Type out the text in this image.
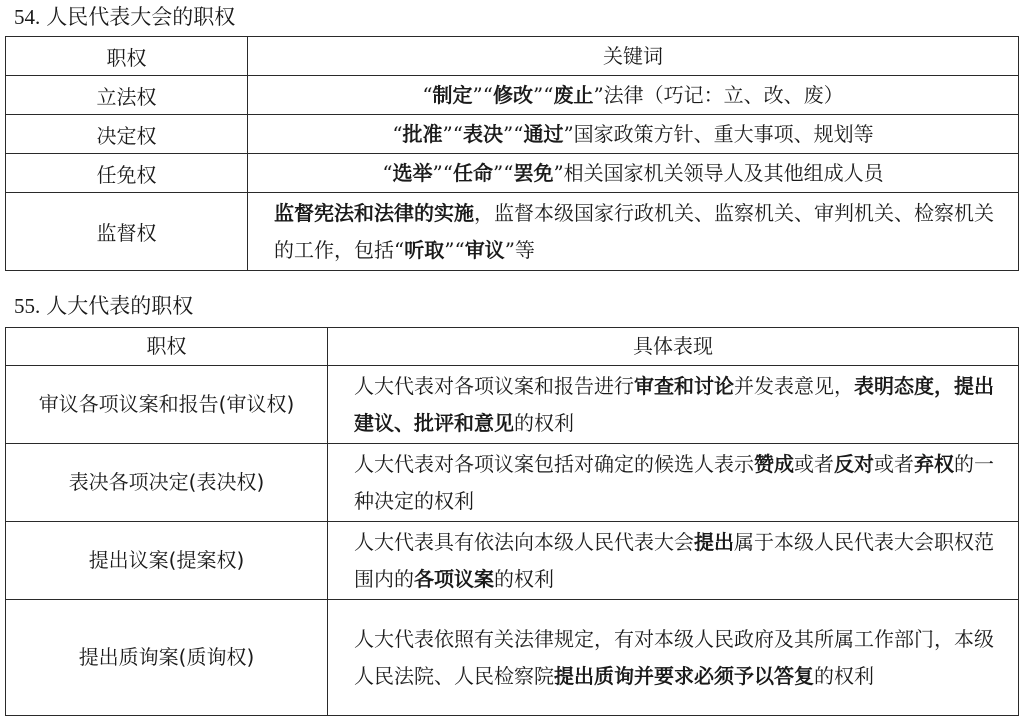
54. 人民代表大会的职权
职权	关键词
立法权	“制定”“修改”“废止”法律（巧记：立、改、废）
决定权	“批准”“表决”“通过”国家政策方针、重大事项、规划等
任免权	“选举”“任命”“罢免”相关国家机关领导人及其他组成人员
监督权	监督宪法和法律的实施，监督本级国家行政机关、监察机关、审判机关、检察机关的工作，包括“听取”“审议”等
55. 人大代表的职权
职权	具体表现
审议各项议案和报告(审议权)	人大代表对各项议案和报告进行审查和讨论并发表意见，表明态度，提出建议、批评和意见的权利
表决各项决定(表决权)	人大代表对各项议案包括对确定的候选人表示赞成或者反对或者弃权的一种决定的权利
提出议案(提案权)	人大代表具有依法向本级人民代表大会提出属于本级人民代表大会职权范围内的各项议案的权利
提出质询案(质询权)	人大代表依照有关法律规定，有对本级人民政府及其所属工作部门，本级人民法院、人民检察院提出质询并要求必须予以答复的权利
